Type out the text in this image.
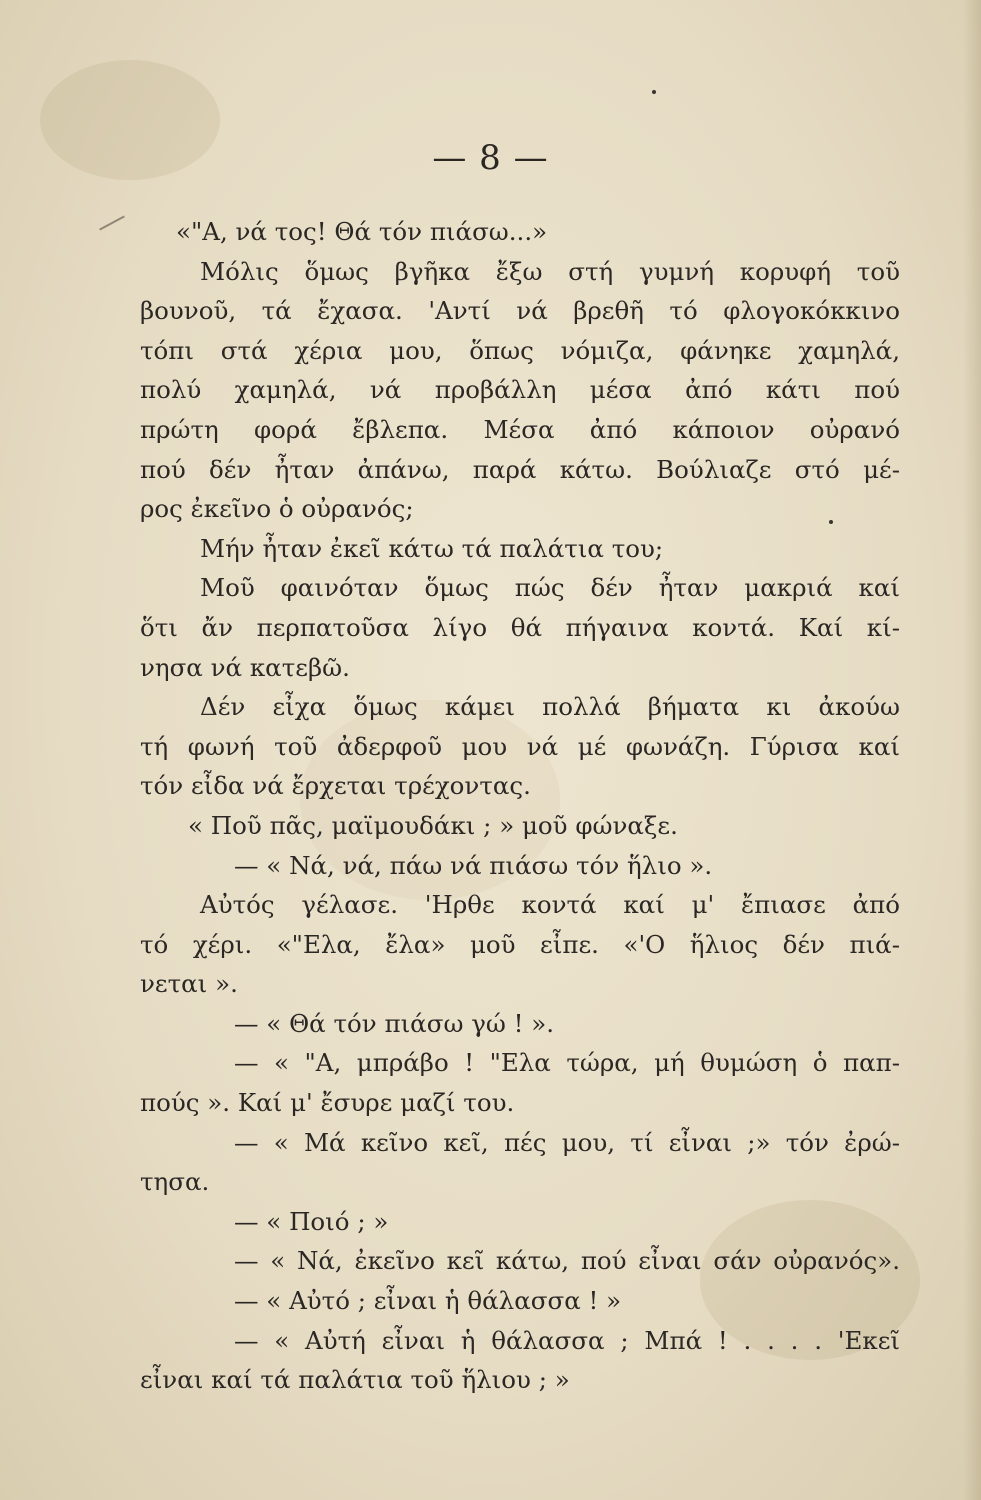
— 8 —
«"Α, νά τος! Θά τόν πιάσω...»
Μόλις ὅμως βγῆκα ἔξω στή γυμνή κορυφή τοῦ
βουνοῦ, τά ἔχασα. 'Αντί νά βρεθῆ τό φλογοκόκκινο
τόπι στά χέρια μου, ὅπως νόμιζα, φάνηκε χαμηλά,
πολύ χαμηλά, νά προβάλλη μέσα ἀπό κάτι πού
πρώτη φορά ἔβλεπα. Μέσα ἀπό κάποιον οὐρανό
πού δέν ἦταν ἀπάνω, παρά κάτω. Βούλιαζε στό μέ-
ρος ἐκεῖνο ὁ οὐρανός;
Μήν ἦταν ἐκεῖ κάτω τά παλάτια του;
Μοῦ φαινόταν ὅμως πώς δέν ἦταν μακριά καί
ὅτι ἄν περπατοῦσα λίγο θά πήγαινα κοντά. Καί κί-
νησα νά κατεβῶ.
Δέν εἶχα ὅμως κάμει πολλά βήματα κι ἀκούω
τή φωνή τοῦ ἀδερφοῦ μου νά μέ φωνάζη. Γύρισα καί
τόν εἶδα νά ἔρχεται τρέχοντας.
« Ποῦ πᾶς, μαϊμουδάκι ; » μοῦ φώναξε.
— « Νά, νά, πάω νά πιάσω τόν ἥλιο ».
Αὐτός γέλασε. 'Ηρθε κοντά καί μ' ἔπιασε ἀπό
τό χέρι. «"Ελα, ἔλα» μοῦ εἶπε. «'Ο ἥλιος δέν πιά-
νεται ».
— « Θά τόν πιάσω γώ ! ».
— « "Α, μπράβο ! "Ελα τώρα, μή θυμώση ὁ παπ-
πούς ». Καί μ' ἔσυρε μαζί του.
— « Μά κεῖνο κεῖ, πές μου, τί εἶναι ;» τόν ἐρώ-
τησα.
— « Ποιό ; »
— « Νά, ἐκεῖνο κεῖ κάτω, πού εἶναι σάν οὐρανός».
— « Αὐτό ; εἶναι ἡ θάλασσα ! »
— « Αὐτή εἶναι ἡ θάλασσα ; Μπά ! . . . . 'Εκεῖ
εἶναι καί τά παλάτια τοῦ ἥλιου ; »
